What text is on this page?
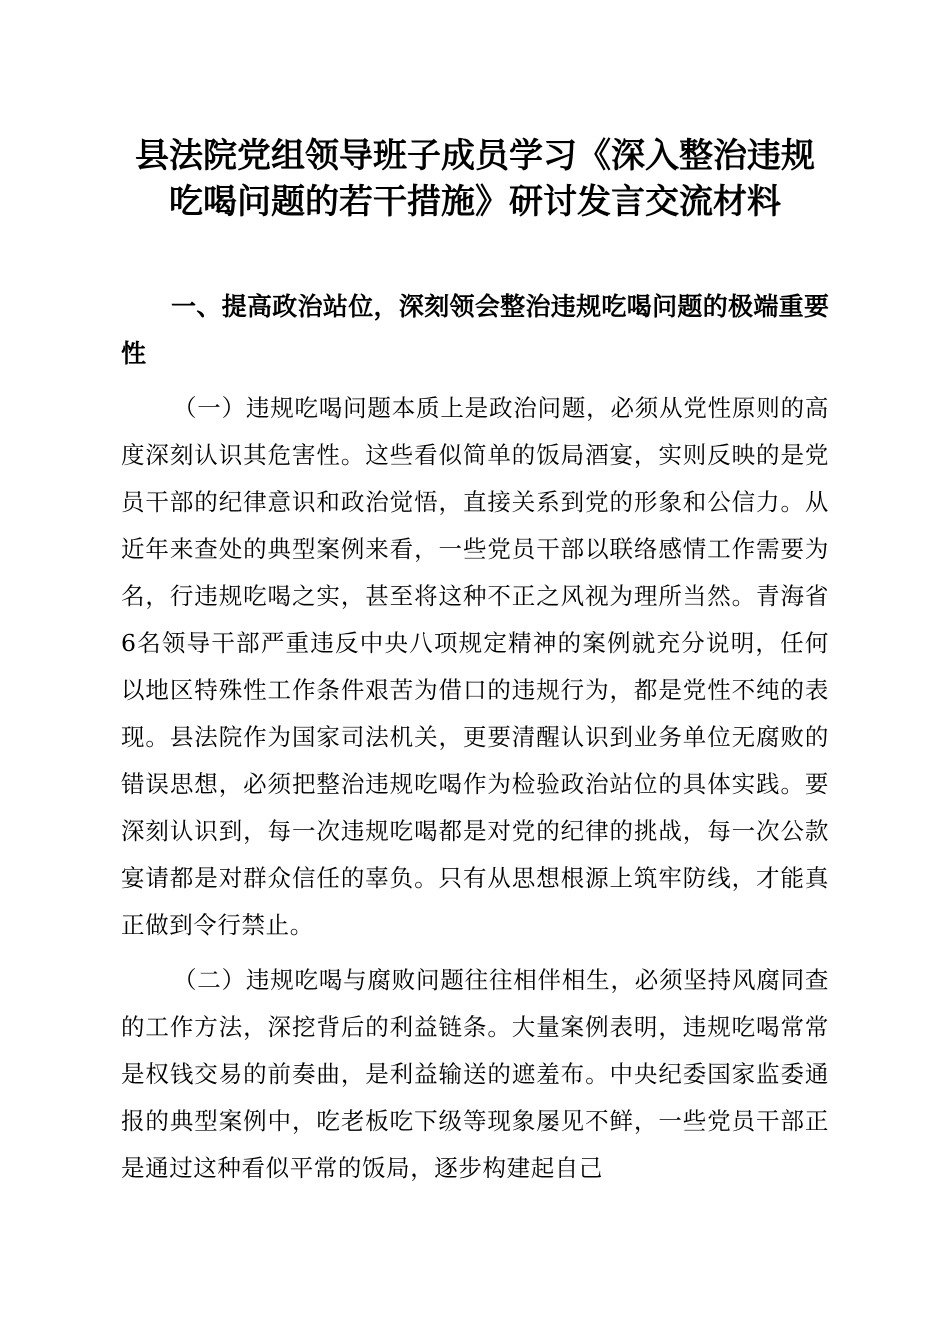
县法院党组领导班子成员学习《深入整治违规
吃喝问题的若干措施》研讨发言交流材料

一、提高政治站位，深刻领会整治违规吃喝问题的极端重要性

（一）违规吃喝问题本质上是政治问题，必须从党性原则的高度深刻认识其危害性。这些看似简单的饭局酒宴，实则反映的是党员干部的纪律意识和政治觉悟，直接关系到党的形象和公信力。从近年来查处的典型案例来看，一些党员干部以联络感情工作需要为名，行违规吃喝之实，甚至将这种不正之风视为理所当然。青海省6名领导干部严重违反中央八项规定精神的案例就充分说明，任何以地区特殊性工作条件艰苦为借口的违规行为，都是党性不纯的表现。县法院作为国家司法机关，更要清醒认识到业务单位无腐败的错误思想，必须把整治违规吃喝作为检验政治站位的具体实践。要深刻认识到，每一次违规吃喝都是对党的纪律的挑战，每一次公款宴请都是对群众信任的辜负。只有从思想根源上筑牢防线，才能真正做到令行禁止。

（二）违规吃喝与腐败问题往往相伴相生，必须坚持风腐同查的工作方法，深挖背后的利益链条。大量案例表明，违规吃喝常常是权钱交易的前奏曲，是利益输送的遮羞布。中央纪委国家监委通报的典型案例中，吃老板吃下级等现象屡见不鲜，一些党员干部正是通过这种看似平常的饭局，逐步构建起自己
